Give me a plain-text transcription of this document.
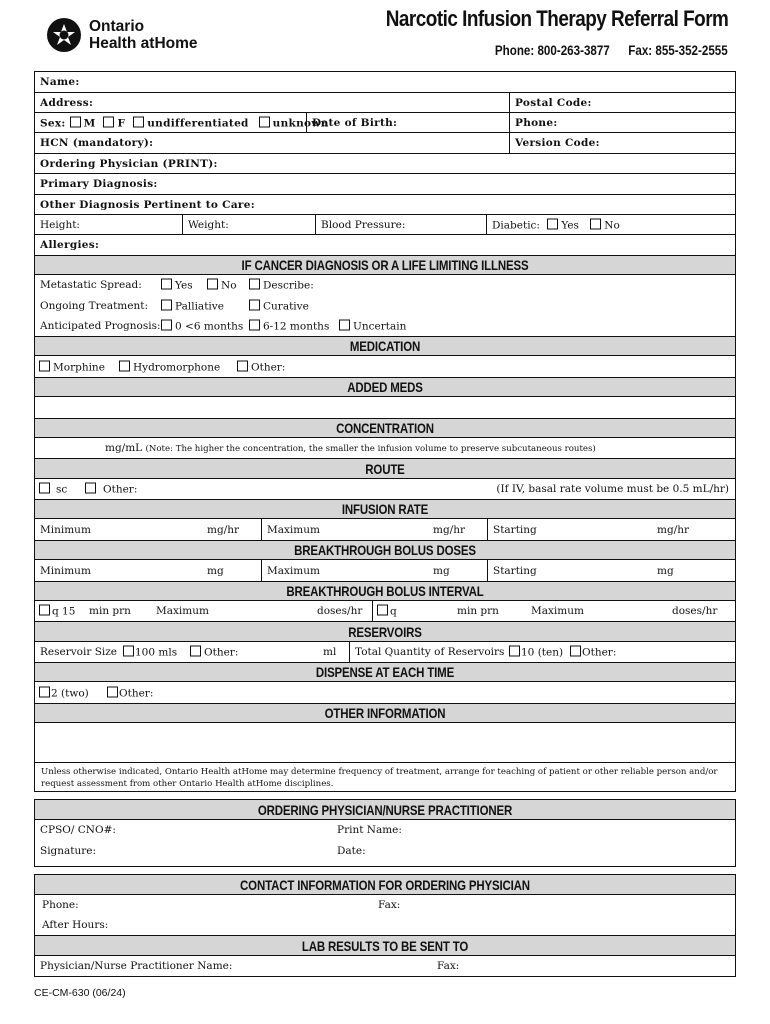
Ontario
Health atHome
Narcotic Infusion Therapy Referral Form
Phone: 800-263-3877 Fax: 855-352-2555
Name:
Address:	Postal Code:
Sex: M F undifferentiated unknown
Date of Birth:	Phone:
HCN (mandatory):	Version Code:
Ordering Physician (PRINT):
Primary Diagnosis:
Other Diagnosis Pertinent to Care:
Height:	Weight:	Blood Pressure:	Diabetic: Yes No
Allergies:
IF CANCER DIAGNOSIS OR A LIFE LIMITING ILLNESS
Metastatic Spread:	Yes	No	Describe:
Ongoing Treatment:	Palliative	Curative
Anticipated Prognosis:	0 <6 months	6-12 months	Uncertain
MEDICATION
Morphine	Hydromorphone	Other:
ADDED MEDS
CONCENTRATION
mg/mL (Note: The higher the concentration, the smaller the infusion volume to preserve subcutaneous routes)
ROUTE
sc	Other:	(If IV, basal rate volume must be 0.5 mL/hr)
INFUSION RATE
Minimum	mg/hr	Maximum	mg/hr	Starting	mg/hr
BREAKTHROUGH BOLUS DOSES
Minimum	mg	Maximum	mg	Starting	mg
BREAKTHROUGH BOLUS INTERVAL
q 15 min prn Maximum	doses/hr	q	min prn	Maximum	doses/hr
RESERVOIRS
Reservoir Size	100 mls	Other:	ml Total Quantity of Reservoirs	10 (ten)	Other:
DISPENSE AT EACH TIME
2 (two)	Other:
OTHER INFORMATION
Unless otherwise indicated, Ontario Health atHome may determine frequency of treatment, arrange for teaching of patient or other reliable person and/or
request assessment from other Ontario Health atHome disciplines.
ORDERING PHYSICIAN/NURSE PRACTITIONER
CPSO/ CNO#:	Print Name:
Signature:	Date:
CONTACT INFORMATION FOR ORDERING PHYSICIAN
Phone:	Fax:
After Hours:
LAB RESULTS TO BE SENT TO
Physician/Nurse Practitioner Name:	Fax:
CE-CM-630 (06/24)
